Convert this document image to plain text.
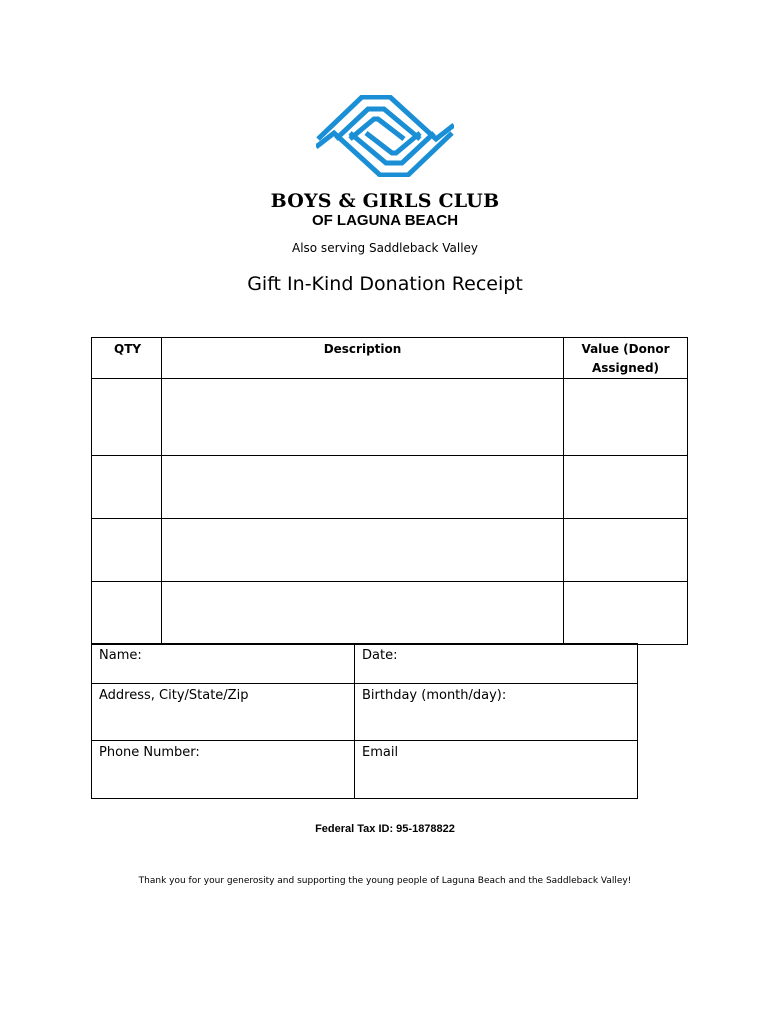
BOYS & GIRLS CLUB
OF LAGUNA BEACH
Also serving Saddleback Valley
Gift In-Kind Donation Receipt
QTY	Description	Value (Donor Assigned)

Name:	Date:
Address, City/State/Zip	Birthday (month/day):
Phone Number:	Email
Federal Tax ID: 95-1878822
Thank you for your generosity and supporting the young people of Laguna Beach and the Saddleback Valley!
